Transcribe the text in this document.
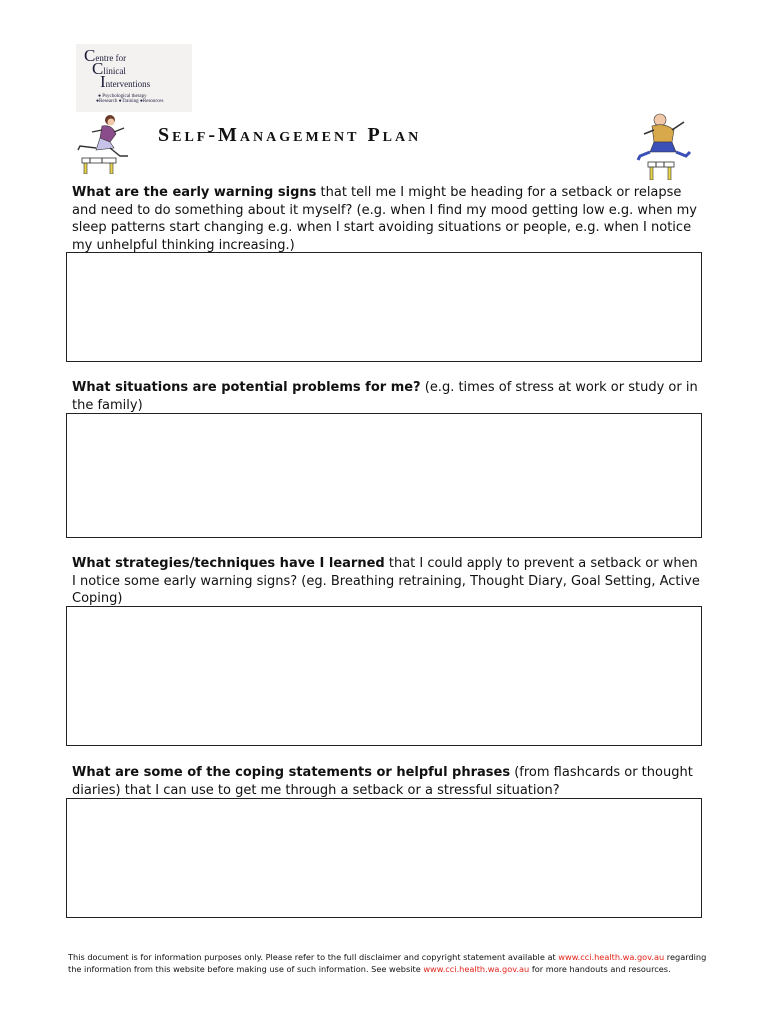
Centre for
Clinical
Interventions
● Psychological therapy
●Research ●Training ●Resources
Self-Management Plan
What are the early warning signs that tell me I might be heading for a setback or relapse and need to do something about it myself? (e.g. when I find my mood getting low e.g. when my sleep patterns start changing e.g. when I start avoiding situations or people, e.g. when I notice my unhelpful thinking increasing.)
What situations are potential problems for me? (e.g. times of stress at work or study or in the family)
What strategies/techniques have I learned that I could apply to prevent a setback or when I notice some early warning signs? (eg. Breathing retraining, Thought Diary, Goal Setting, Active Coping)
What are some of the coping statements or helpful phrases (from flashcards or thought diaries) that I can use to get me through a setback or a stressful situation?
This document is for information purposes only. Please refer to the full disclaimer and copyright statement available at www.cci.health.wa.gov.au regarding the information from this website before making use of such information. See website www.cci.health.wa.gov.au for more handouts and resources.
